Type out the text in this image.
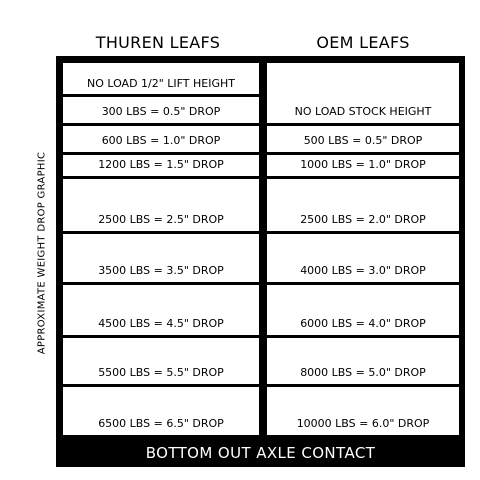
THUREN LEAFS	OEM LEAFS
APPROXIMATE WEIGHT DROP GRAPHIC
NO LOAD 1/2" LIFT HEIGHT
300 LBS = 0.5" DROP
600 LBS = 1.0" DROP
1200 LBS = 1.5" DROP
2500 LBS = 2.5" DROP
3500 LBS = 3.5" DROP
4500 LBS = 4.5" DROP
5500 LBS = 5.5" DROP
6500 LBS = 6.5" DROP
NO LOAD STOCK HEIGHT
500 LBS = 0.5" DROP
1000 LBS = 1.0" DROP
2500 LBS = 2.0" DROP
4000 LBS = 3.0" DROP
6000 LBS = 4.0" DROP
8000 LBS = 5.0" DROP
10000 LBS = 6.0" DROP
BOTTOM OUT AXLE CONTACT
